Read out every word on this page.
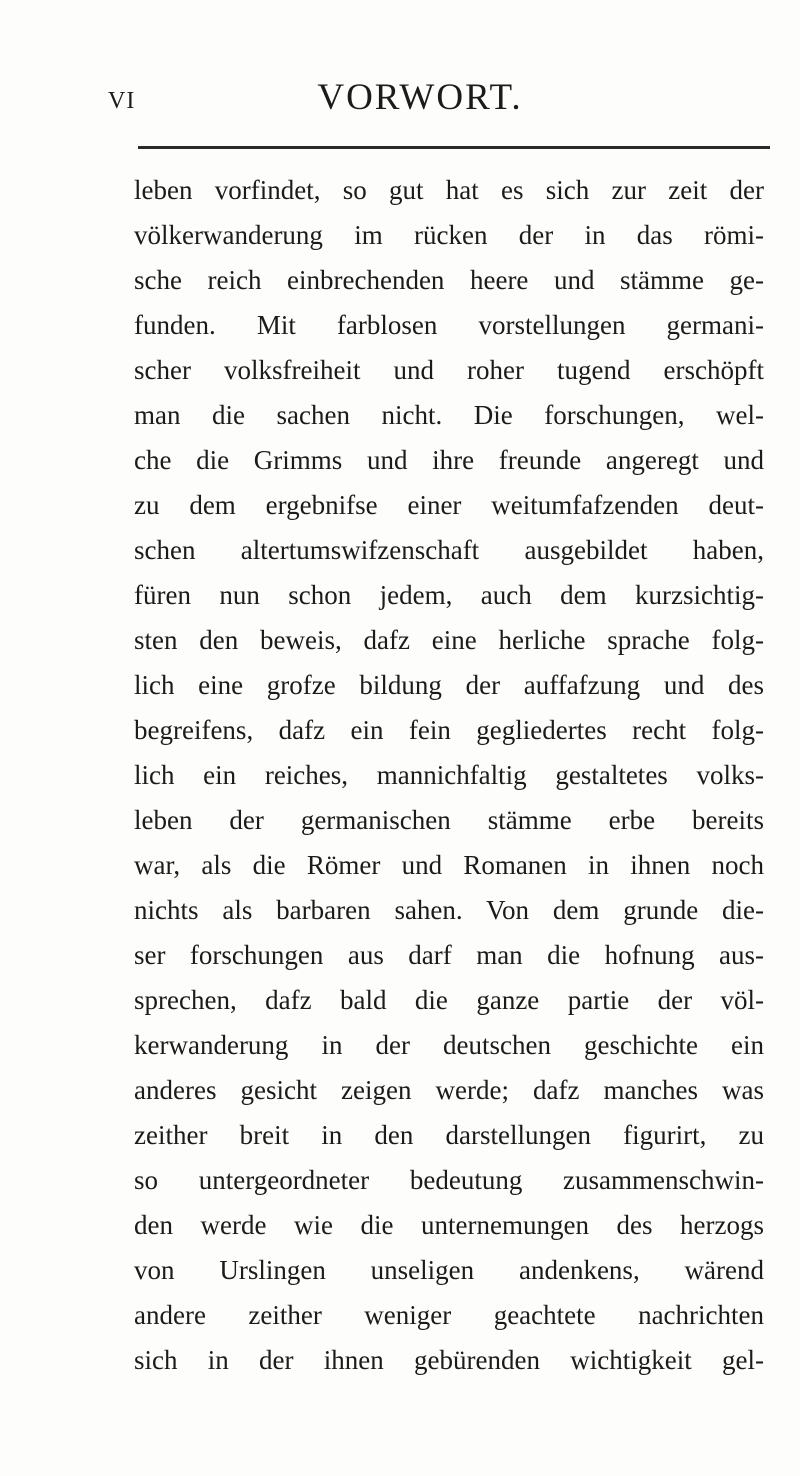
VI	VORWORT.
leben vorfindet, so gut hat es sich zur zeit der
völkerwanderung im rücken der in das römi-
sche reich einbrechenden heere und stämme ge-
funden. Mit farblosen vorstellungen germani-
scher volksfreiheit und roher tugend erschöpft
man die sachen nicht. Die forschungen, wel-
che die Grimms und ihre freunde angeregt und
zu dem ergebnifse einer weitumfafzenden deut-
schen altertumswifzenschaft ausgebildet haben,
füren nun schon jedem, auch dem kurzsichtig-
sten den beweis, dafz eine herliche sprache folg-
lich eine grofze bildung der auffafzung und des
begreifens, dafz ein fein gegliedertes recht folg-
lich ein reiches, mannichfaltig gestaltetes volks-
leben der germanischen stämme erbe bereits
war, als die Römer und Romanen in ihnen noch
nichts als barbaren sahen. Von dem grunde die-
ser forschungen aus darf man die hofnung aus-
sprechen, dafz bald die ganze partie der völ-
kerwanderung in der deutschen geschichte ein
anderes gesicht zeigen werde; dafz manches was
zeither breit in den darstellungen figurirt, zu
so untergeordneter bedeutung zusammenschwin-
den werde wie die unternemungen des herzogs
von Urslingen unseligen andenkens, wärend
andere zeither weniger geachtete nachrichten
sich in der ihnen gebürenden wichtigkeit gel-
